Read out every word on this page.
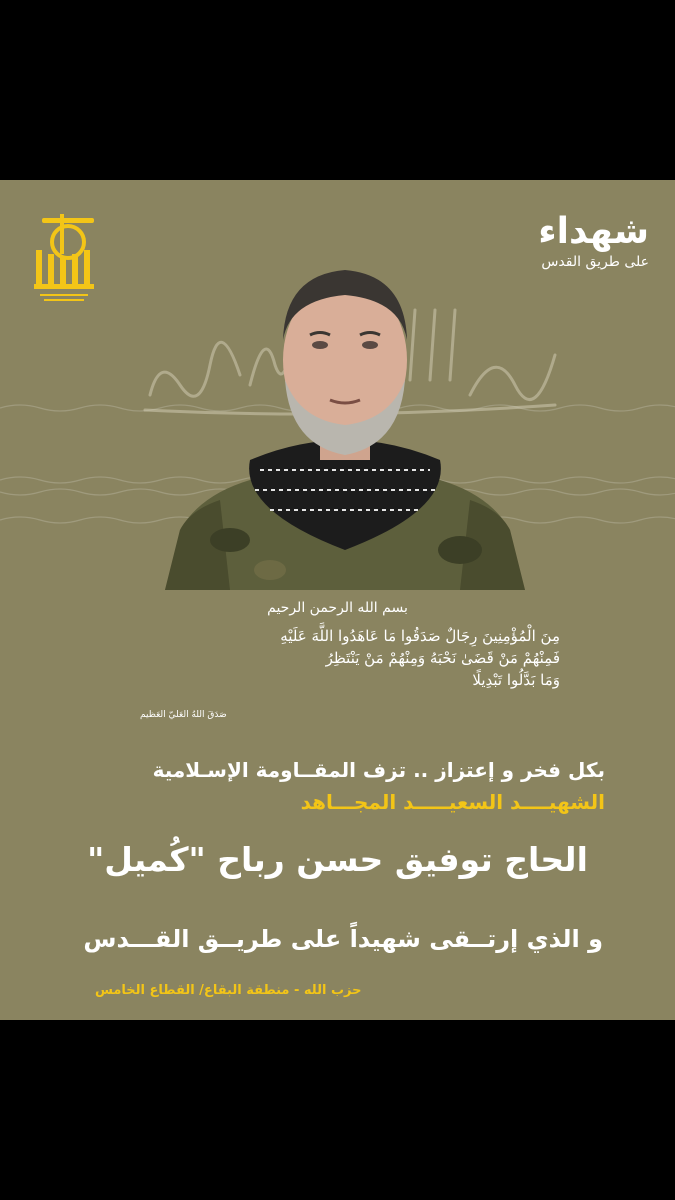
شهداء
على طريق القدس
بسم الله الرحمن الرحيم
مِنَ الْمُؤْمِنِينَ رِجَالٌ صَدَقُوا مَا عَاهَدُوا اللَّهَ عَلَيْهِ
فَمِنْهُمْ مَنْ قَضَىٰ نَحْبَهُ وَمِنْهُمْ مَنْ يَنْتَظِرُ
وَمَا بَدَّلُوا تَبْدِيلًا
صَدَقَ اللهُ العَليّ العَظيم
بكل فخر و إعتزاز .. تزف المقــاومة الإسـلامية
الشهيــــد السعيـــــد المجـــاهد
الحاج توفيق حسن رباح "كُميل"
و الذي إرتــقى شهيداً على طريــق القـــدس
حزب الله - منطقة البقاع/ القطاع الخامس
